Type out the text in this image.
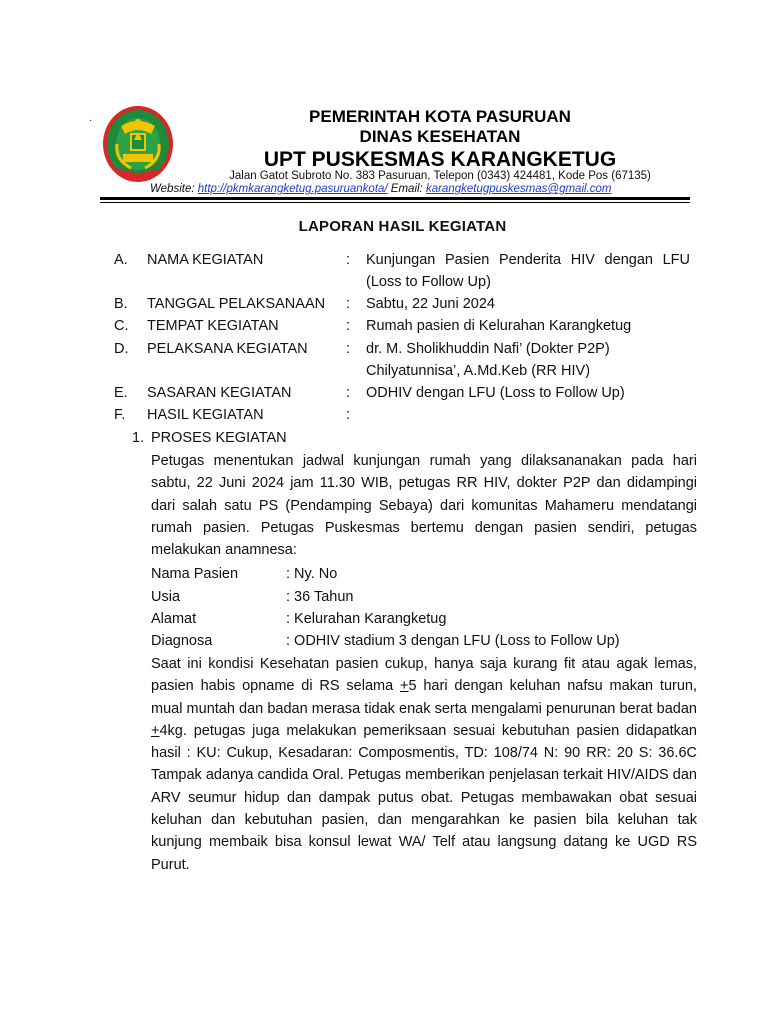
·	PEMERINTAH KOTA PASURUAN
DINAS KESEHATAN
UPT PUSKESMAS KARANGKETUG
Jalan Gatot Subroto No. 383 Pasuruan, Telepon (0343) 424481, Kode Pos (67135)
Website: http://pkmkarangketug.pasuruankota/ Email: karangketugpuskesmas@gmail.com
LAPORAN HASIL KEGIATAN
A. NAMA KEGIATAN	: Kunjungan Pasien Penderita HIV dengan LFU
(Loss to Follow Up)
B. TANGGAL PELAKSANAAN : Sabtu, 22 Juni 2024
C. TEMPAT KEGIATAN	: Rumah pasien di Kelurahan Karangketug
D. PELAKSANA KEGIATAN	: dr. M. Sholikhuddin Nafi’ (Dokter P2P)
Chilyatunnisa’, A.Md.Keb (RR HIV)
E. SASARAN KEGIATAN	: ODHIV dengan LFU (Loss to Follow Up)
F. HASIL KEGIATAN	:
1. PROSES KEGIATAN

Petugas menentukan jadwal kunjungan rumah yang dilaksananakan pada hari sabtu, 22 Juni 2024 jam 11.30 WIB, petugas RR HIV, dokter P2P dan didampingi dari salah satu PS (Pendamping Sebaya) dari komunitas Mahameru mendatangi rumah pasien. Petugas Puskesmas bertemu dengan pasien sendiri, petugas melakukan anamnesa:

Nama Pasien	: Ny. No
Usia	: 36 Tahun
Alamat	: Kelurahan Karangketug
Diagnosa	: ODHIV stadium 3 dengan LFU (Loss to Follow Up)

Saat ini kondisi Kesehatan pasien cukup, hanya saja kurang fit atau agak lemas, pasien habis opname di RS selama +5 hari dengan keluhan nafsu makan turun, mual muntah dan badan merasa tidak enak serta mengalami penurunan berat badan +4kg. petugas juga melakukan pemeriksaan sesuai kebutuhan pasien didapatkan hasil : KU: Cukup, Kesadaran: Composmentis, TD: 108/74 N: 90 RR: 20 S: 36.6C Tampak adanya candida Oral. Petugas memberikan penjelasan terkait HIV/AIDS dan ARV seumur hidup dan dampak putus obat. Petugas membawakan obat sesuai keluhan dan kebutuhan pasien, dan mengarahkan ke pasien bila keluhan tak kunjung membaik bisa konsul lewat WA/ Telf atau langsung datang ke UGD RS Purut.
